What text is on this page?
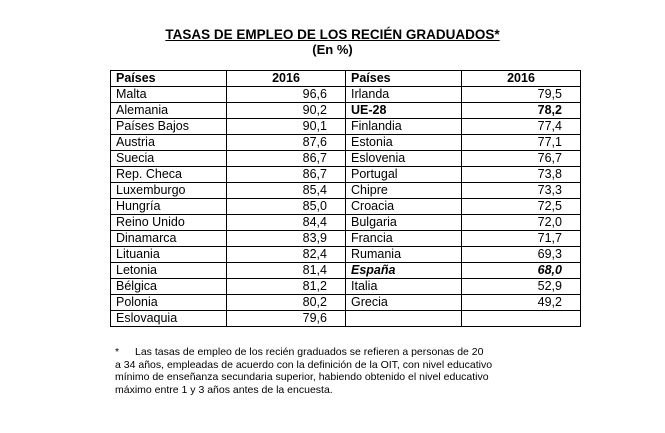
TASAS DE EMPLEO DE LOS RECIÉN GRADUADOS*
(En %)
Países	2016	Países	2016
Malta	96,6	Irlanda	79,5
Alemania	90,2	UE-28	78,2
Países Bajos	90,1	Finlandia	77,4
Austria	87,6	Estonia	77,1
Suecia	86,7	Eslovenia	76,7
Rep. Checa	86,7	Portugal	73,8
Luxemburgo	85,4	Chipre	73,3
Hungría	85,0	Croacia	72,5
Reino Unido	84,4	Bulgaria	72,0
Dinamarca	83,9	Francia	71,7
Lituania	82,4	Rumania	69,3
Letonia	81,4	España	68,0
Bélgica	81,2	Italia	52,9
Polonia	80,2	Grecia	49,2
Eslovaquia	79,6		
* Las tasas de empleo de los recién graduados se refieren a personas de 20
a 34 años, empleadas de acuerdo con la definición de la OIT, con nivel educativo
mínimo de enseñanza secundaria superior, habiendo obtenido el nivel educativo
máximo entre 1 y 3 años antes de la encuesta.
